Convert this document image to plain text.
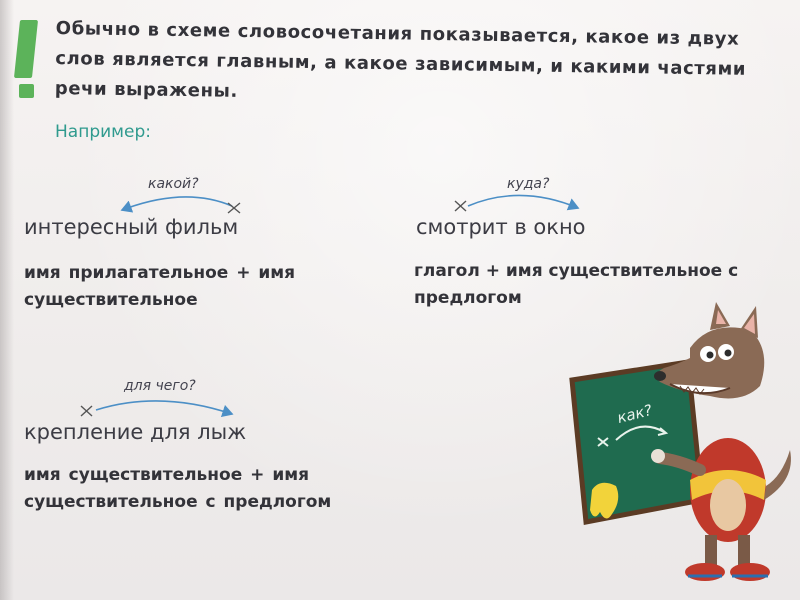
Обычно в схеме словосочетания показывается, какое из двух слов является главным, а какое зависимым, и какими частями речи выражены.

Например:

какой?
интересный фильм

имя прилагательное + имя существительное

куда?
смотрит в окно

глагол + имя существительное с предлогом

для чего?
крепление для лыж

имя существительное + имя существительное с предлогом

как?
